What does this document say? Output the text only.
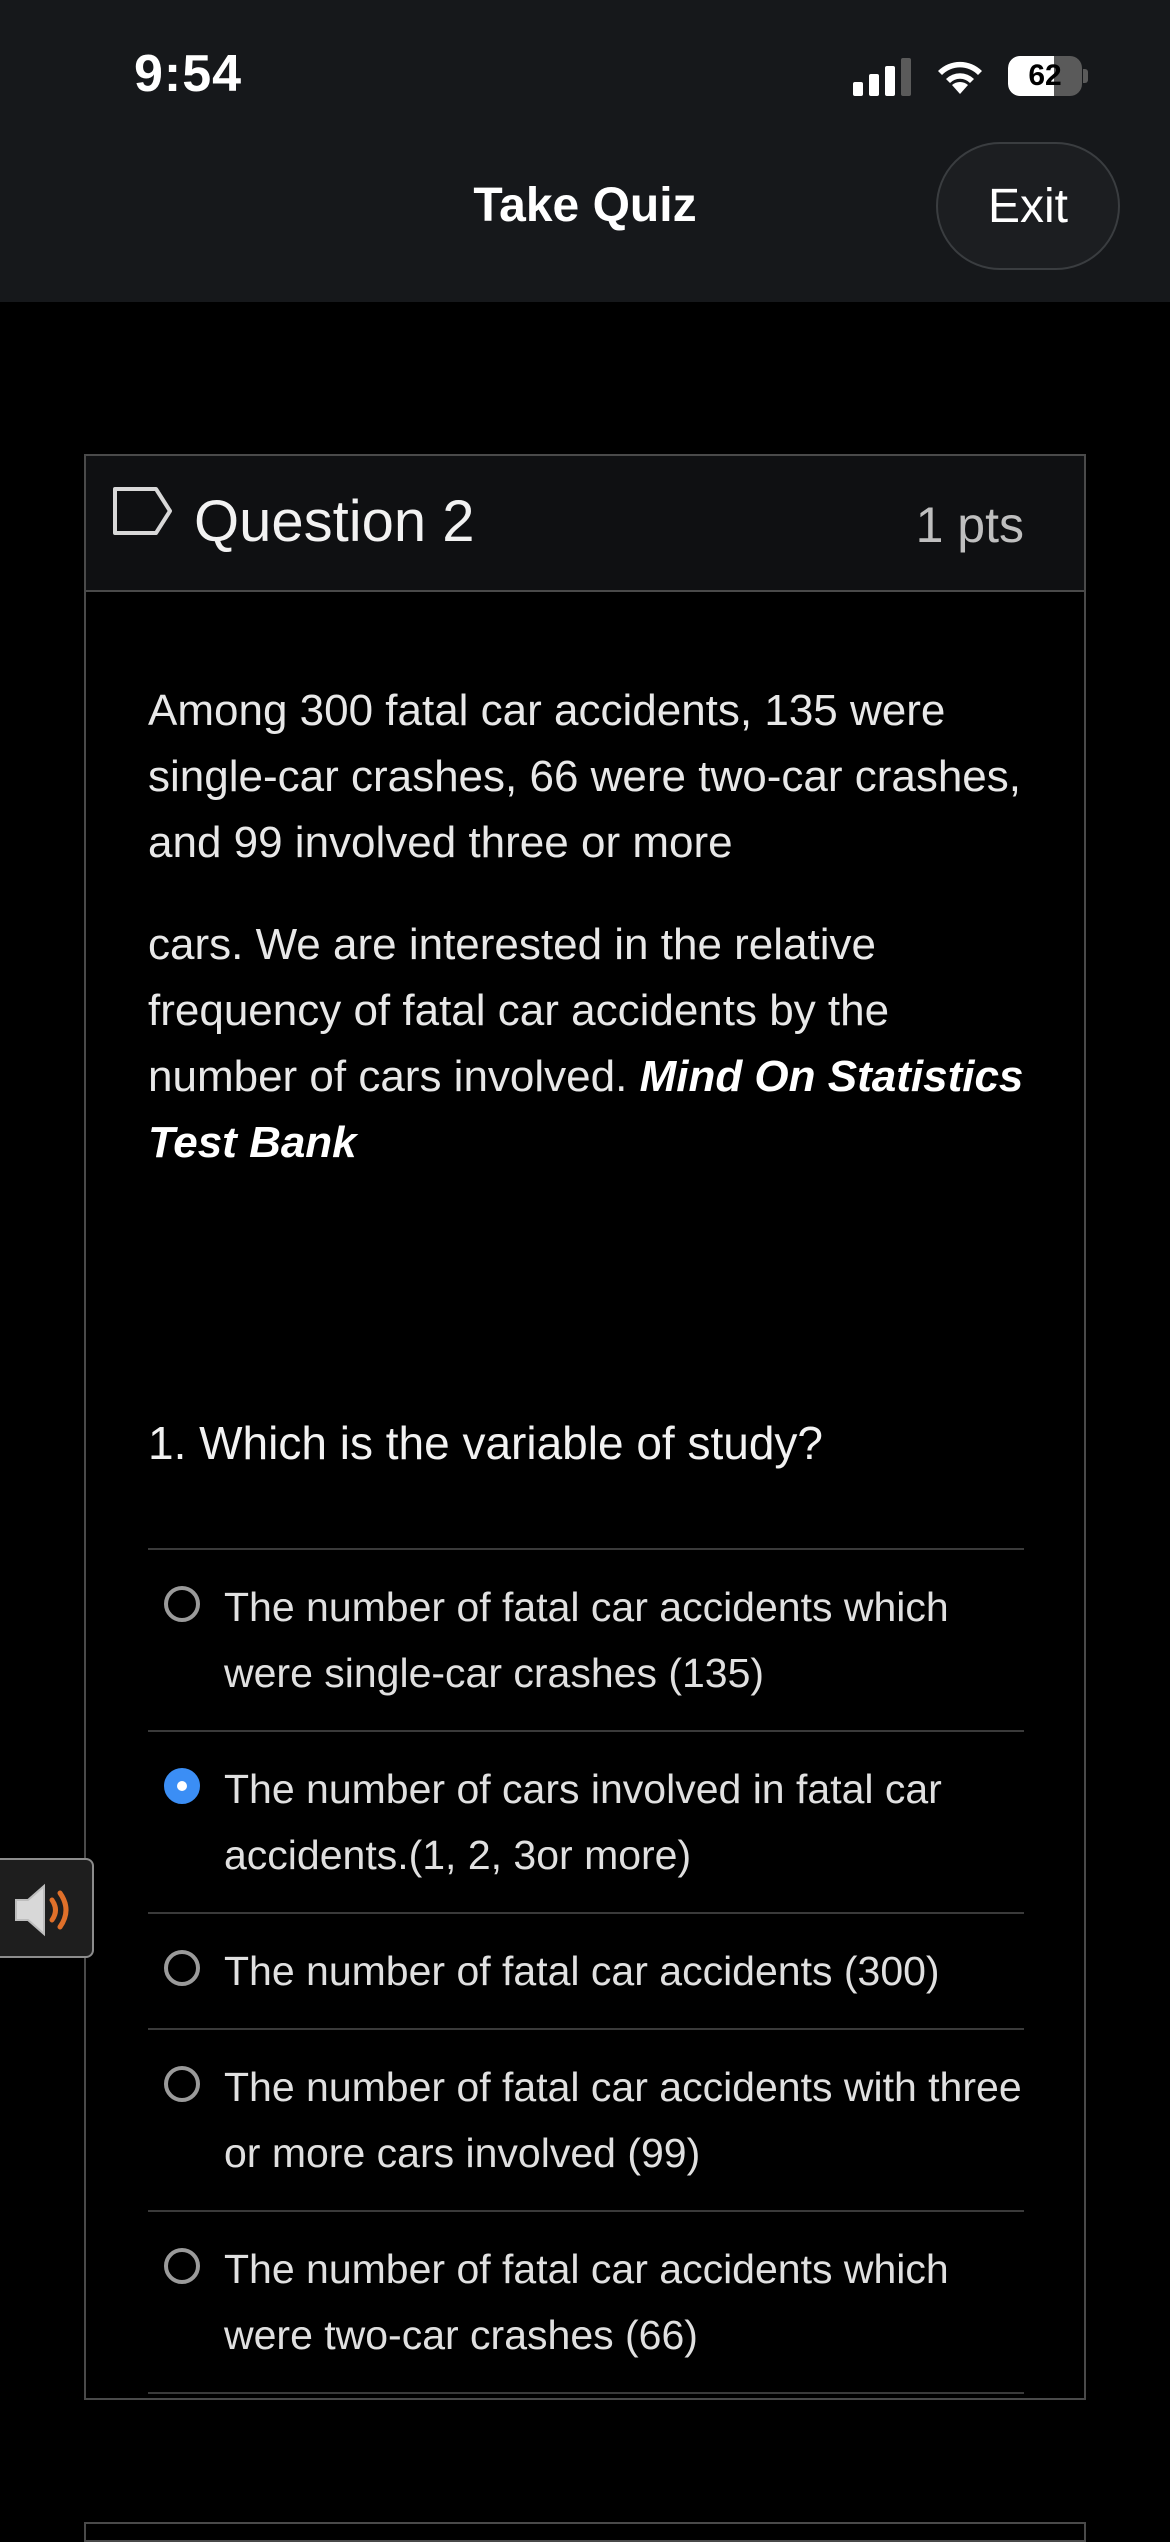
9:54	62
Take Quiz	Exit
Question 2	1 pts
Among 300 fatal car accidents, 135 were single-car crashes, 66 were two-car crashes, and 99 involved three or more
cars. We are interested in the relative frequency of fatal car accidents by the number of cars involved. Mind On Statistics Test Bank
1. Which is the variable of study?
The number of fatal car accidents which were single-car crashes (135)
The number of cars involved in fatal car accidents.(1, 2, 3or more)
The number of fatal car accidents (300)
The number of fatal car accidents with three or more cars involved (99)
The number of fatal car accidents which were two-car crashes (66)
